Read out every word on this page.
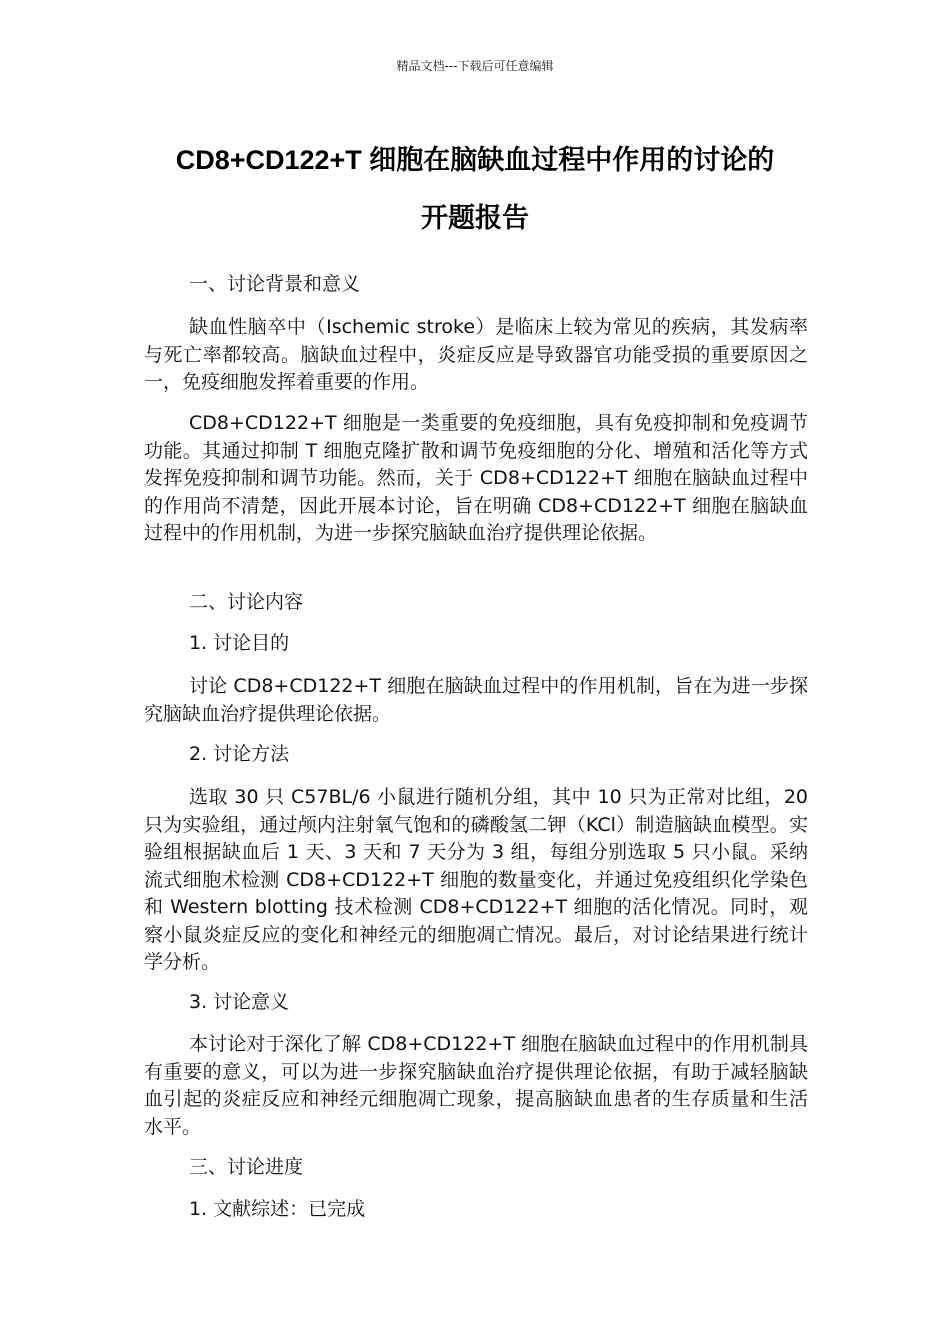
精品文档---下载后可任意编辑
CD8+CD122+T 细胞在脑缺血过程中作用的讨论的
开题报告
一、讨论背景和意义
缺血性脑卒中（Ischemic stroke）是临床上较为常见的疾病，其发病率与死亡率都较高。脑缺血过程中，炎症反应是导致器官功能受损的重要原因之一，免疫细胞发挥着重要的作用。
CD8+CD122+T 细胞是一类重要的免疫细胞，具有免疫抑制和免疫调节功能。其通过抑制 T 细胞克隆扩散和调节免疫细胞的分化、增殖和活化等方式发挥免疫抑制和调节功能。然而，关于 CD8+CD122+T 细胞在脑缺血过程中的作用尚不清楚，因此开展本讨论，旨在明确 CD8+CD122+T 细胞在脑缺血过程中的作用机制，为进一步探究脑缺血治疗提供理论依据。
二、讨论内容
1. 讨论目的
讨论 CD8+CD122+T 细胞在脑缺血过程中的作用机制，旨在为进一步探究脑缺血治疗提供理论依据。
2. 讨论方法
选取 30 只 C57BL/6 小鼠进行随机分组，其中 10 只为正常对比组，20 只为实验组，通过颅内注射氧气饱和的磷酸氢二钾（KCl）制造脑缺血模型。实验组根据缺血后 1 天、3 天和 7 天分为 3 组，每组分别选取 5 只小鼠。采纳流式细胞术检测 CD8+CD122+T 细胞的数量变化，并通过免疫组织化学染色和 Western blotting 技术检测 CD8+CD122+T 细胞的活化情况。同时，观察小鼠炎症反应的变化和神经元的细胞凋亡情况。最后，对讨论结果进行统计学分析。
3. 讨论意义
本讨论对于深化了解 CD8+CD122+T 细胞在脑缺血过程中的作用机制具有重要的意义，可以为进一步探究脑缺血治疗提供理论依据，有助于减轻脑缺血引起的炎症反应和神经元细胞凋亡现象，提高脑缺血患者的生存质量和生活水平。
三、讨论进度
1. 文献综述：已完成
